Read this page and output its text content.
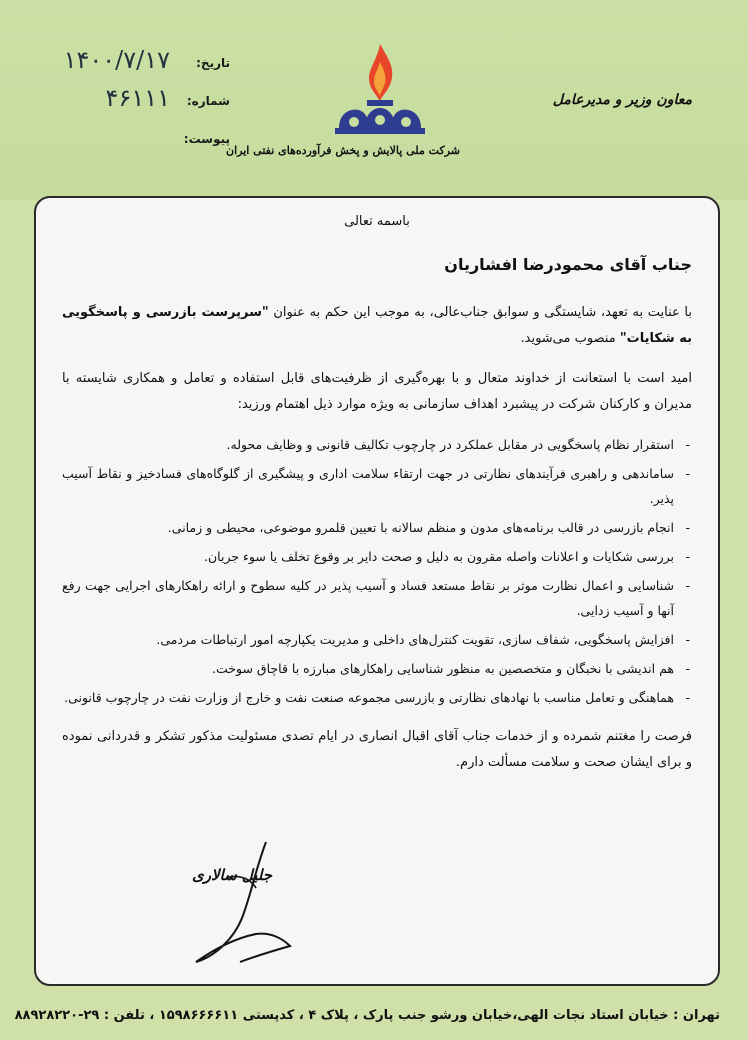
تاریخ:
۱۴۰۰/۷/۱۷
شماره:
۴۶۱۱۱
پیوست:
شرکت ملی پالایش و پخش فرآورده‌های نفتی ایران
معاون وزیر و مدیرعامل
باسمه تعالی
جناب آقای محمودرضا افشاریان

با عنایت به تعهد، شایستگی و سوابق جناب‌عالی، به موجب این حکم به عنوان "سرپرست بازرسی و پاسخگویی به شکایات" منصوب می‌شوید.

امید است با استعانت از خداوند متعال و با بهره‌گیری از ظرفیت‌های قابل استفاده و تعامل و همکاری شایسته با مدیران و کارکنان شرکت در پیشبرد اهداف سازمانی به ویژه موارد ذیل اهتمام ورزید:

- استقرار نظام پاسخگویی در مقابل عملکرد در چارچوب تکالیف قانونی و وظایف محوله.
- ساماندهی و راهبری فرآیندهای نظارتی در جهت ارتقاء سلامت اداری و پیشگیری از گلوگاه‌های فسادخیز و نقاط آسیب پذیر.
- انجام بازرسی در قالب برنامه‌های مدون و منظم سالانه با تعیین قلمرو موضوعی، محیطی و زمانی.
- بررسی شکایات و اعلانات واصله مقرون به دلیل و صحت دایر بر وقوع تخلف یا سوء جریان.
- شناسایی و اعمال نظارت موثر بر نقاط مستعد فساد و آسیب پذیر در کلیه سطوح و ارائه راهکارهای اجرایی جهت رفع آنها و آسیب زدایی.
- افزایش پاسخگویی، شفاف سازی، تقویت کنترل‌های داخلی و مدیریت یکپارچه امور ارتباطات مردمی.
- هم اندیشی با نخبگان و متخصصین به منظور شناسایی راهکارهای مبارزه با قاچاق سوخت.
- هماهنگی و تعامل مناسب با نهادهای نظارتی و بازرسی مجموعه صنعت نفت و خارج از وزارت نفت در چارچوب قانونی.

فرصت را مغتنم شمرده و از خدمات جناب آقای اقبال انصاری در ایام تصدی مسئولیت مذکور تشکر و قدردانی نموده و برای ایشان صحت و سلامت مسألت دارم.

جلیل سالاری
تهران : خیابان استاد نجات الهی،خیابان ورشو جنب پارک ، پلاک ۴ ، کدپستی ۱۵۹۸۶۶۶۶۱۱ ، تلفن : ۲۹-۸۸۹۲۸۲۲۰
